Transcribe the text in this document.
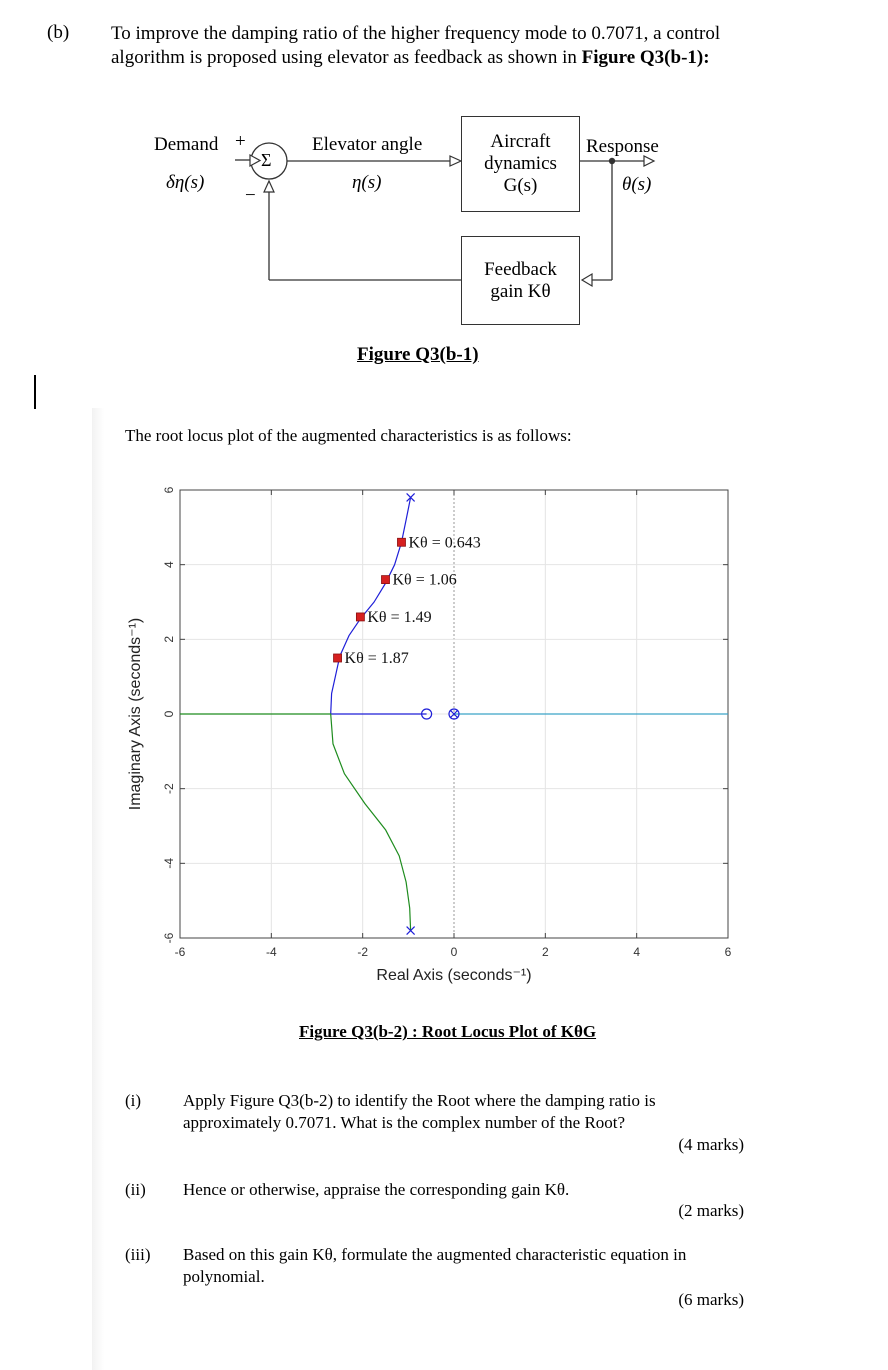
(b) To improve the damping ratio of the higher frequency mode to 0.7071, a control
algorithm is proposed using elevator as feedback as shown in Figure Q3(b-1):
Demand +
−
δη(s)
Σ
Elevator angle
η(s)
Aircraft
dynamics
G(s)
Response
θ(s)
Feedback
gain Kθ
Figure Q3(b-1)
The root locus plot of the augmented characteristics is as follows:
-6	-4	-2	0	2	4	6
6
4
2
0
-2
-4
-6
Real Axis (seconds⁻¹)
Imaginary Axis (seconds⁻¹)
Kθ = 0.643
Kθ = 1.06
Kθ = 1.49
Kθ = 1.87
Figure Q3(b-2) : Root Locus Plot of KθG
(i) Apply Figure Q3(b-2) to identify the Root where the damping ratio is
approximately 0.7071. What is the complex number of the Root?
(4 marks)
(ii) Hence or otherwise, appraise the corresponding gain Kθ.
(2 marks)
(iii) Based on this gain Kθ, formulate the augmented characteristic equation in
polynomial.
(6 marks)
